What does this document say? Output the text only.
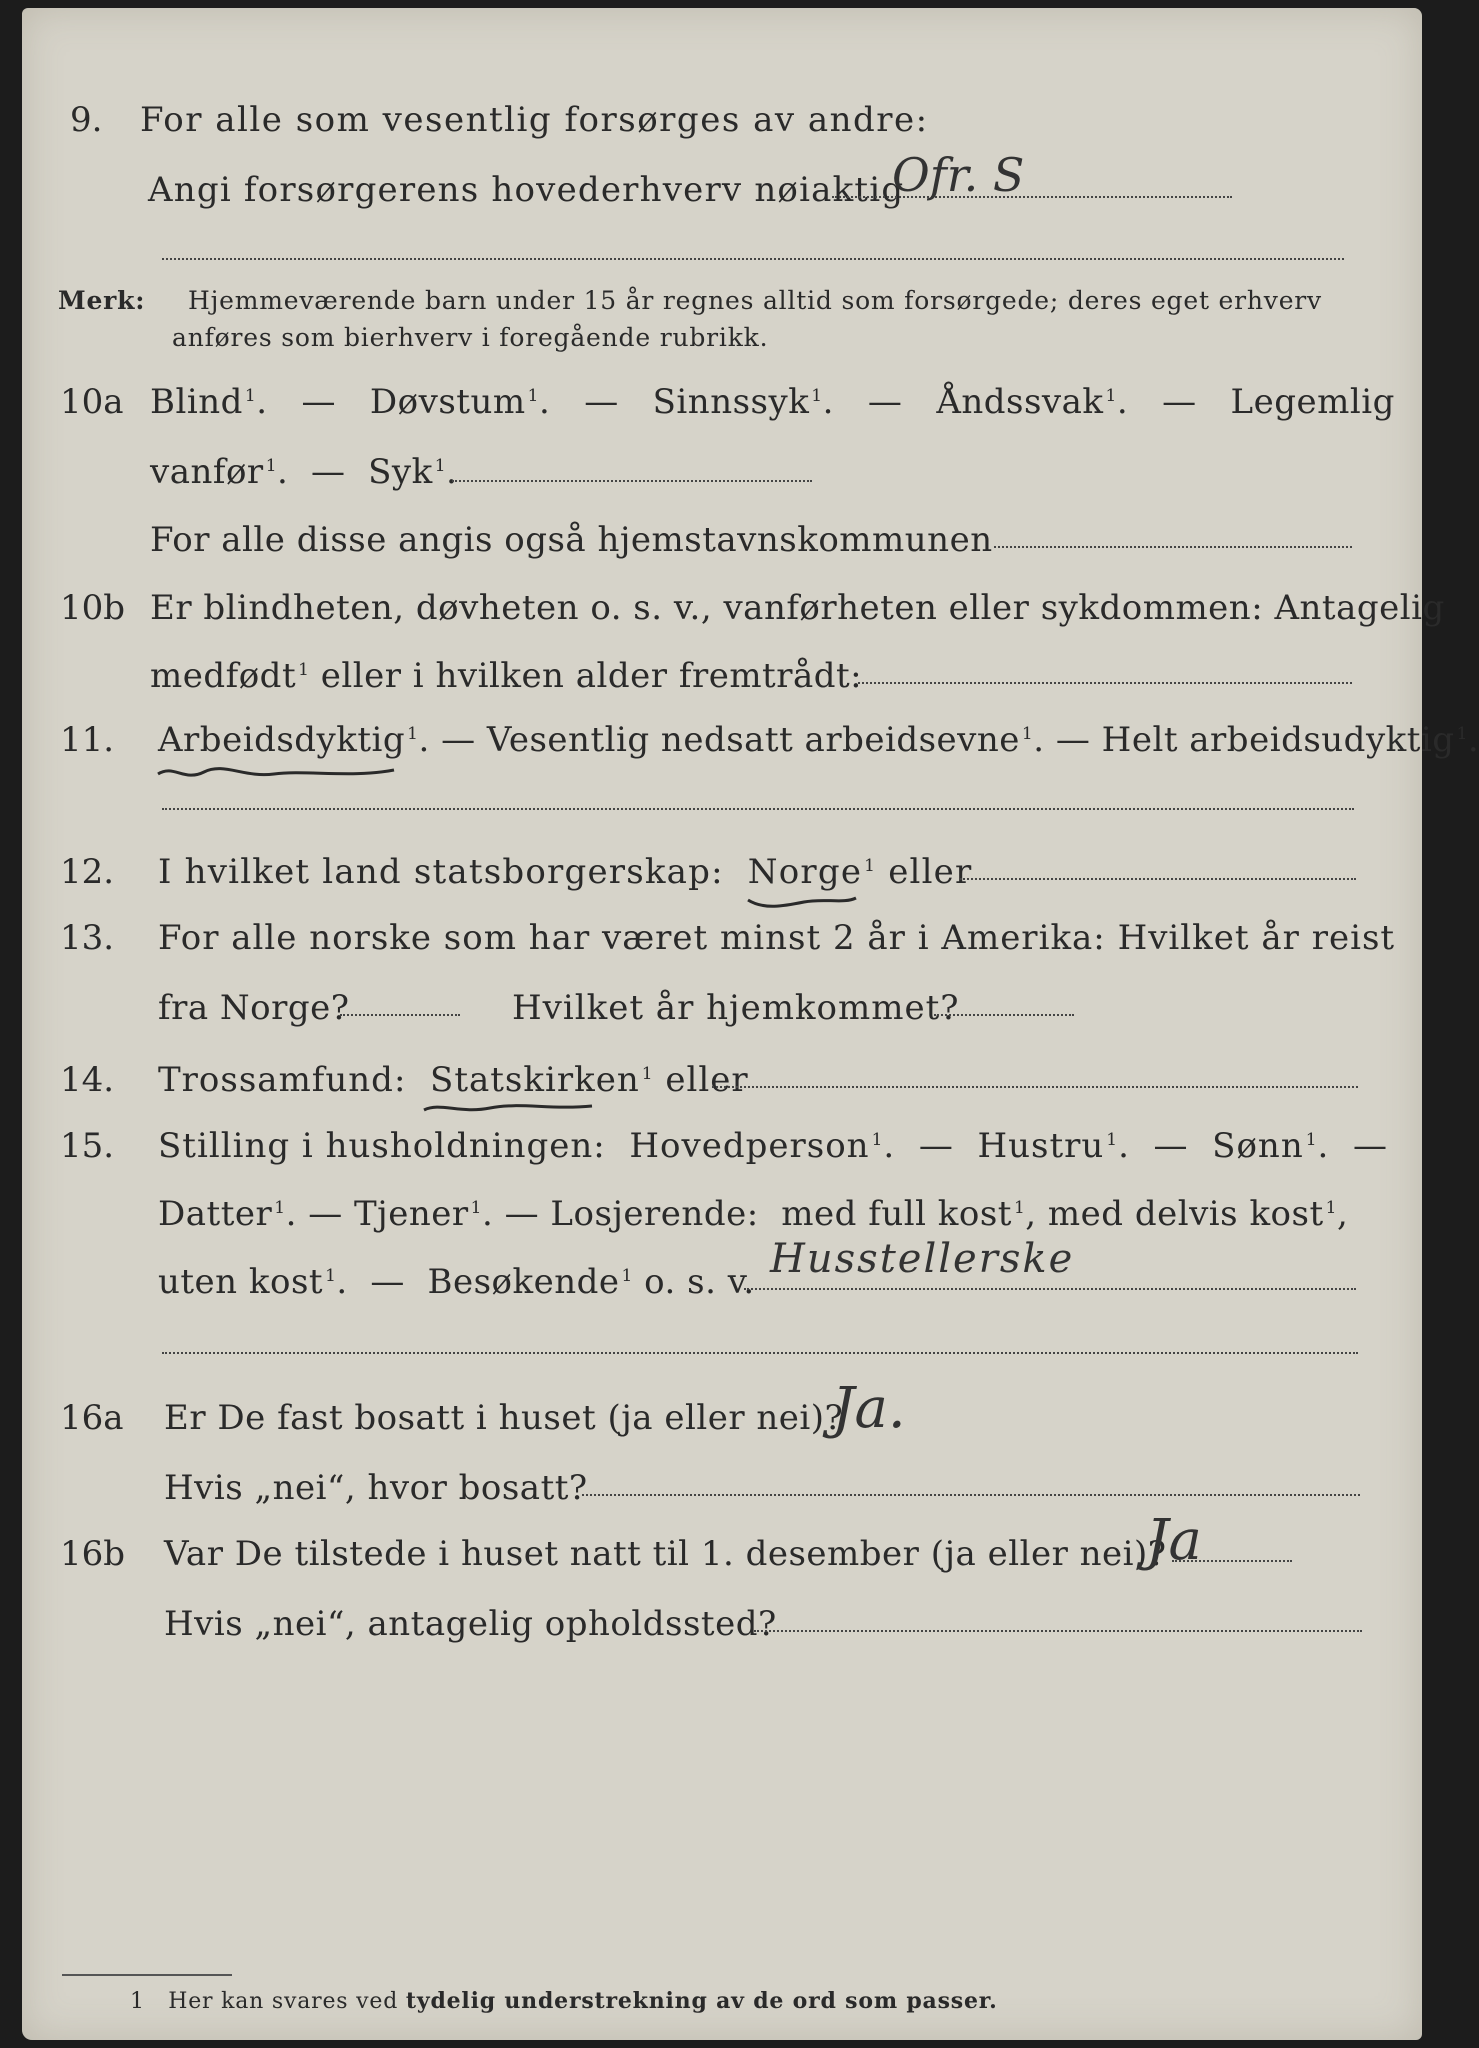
9. For alle som vesentlig forsørges av andre:
Angi forsørgerens hovederhverv nøiaktig
Ofr. S
Merk: Hjemmeværende barn under 15 år regnes alltid som forsørgede; deres eget erhverv
anføres som bierhverv i foregående rubrikk.
10a Blind $^1$. — Døvstum $^1$. — Sinnssyk $^1$. — Åndssvak $^1$. — Legemlig
vanfør $^1$. — Syk $^1$.
For alle disse angis også hjemstavnskommunen
10b Er blindheten, døvheten o. s. v., vanførheten eller sykdommen: Antagelig
medfødt $^1$ eller i hvilken alder fremtrådt:
11. Arbeidsdyktig $^1$. — Vesentlig nedsatt arbeidsevne $^1$. — Helt arbeidsudyktig $^1$.
12. I hvilket land statsborgerskap: Norge $^1$ eller
13. For alle norske som har været minst 2 år i Amerika: Hvilket år reist
fra Norge?	Hvilket år hjemkommet?
14. Trossamfund: Statskirken $^1$ eller
15. Stilling i husholdningen: Hovedperson $^1$. — Hustru $^1$. — Sønn $^1$. —
Datter $^1$. — Tjener $^1$. — Losjerende: med full kost $^1$, med delvis kost $^1$,
uten kost $^1$. — Besøkende $^1$ o. s. v. Husstellerske
16a Er De fast bosatt i huset (ja eller nei)?
Ja.
Hvis „nei“, hvor bosatt?
16b Var De tilstede i huset natt til 1. desember (ja eller nei)?
Ja
Hvis „nei“, antagelig opholdssted?
1 Her kan svares ved tydelig understrekning av de ord som passer.
